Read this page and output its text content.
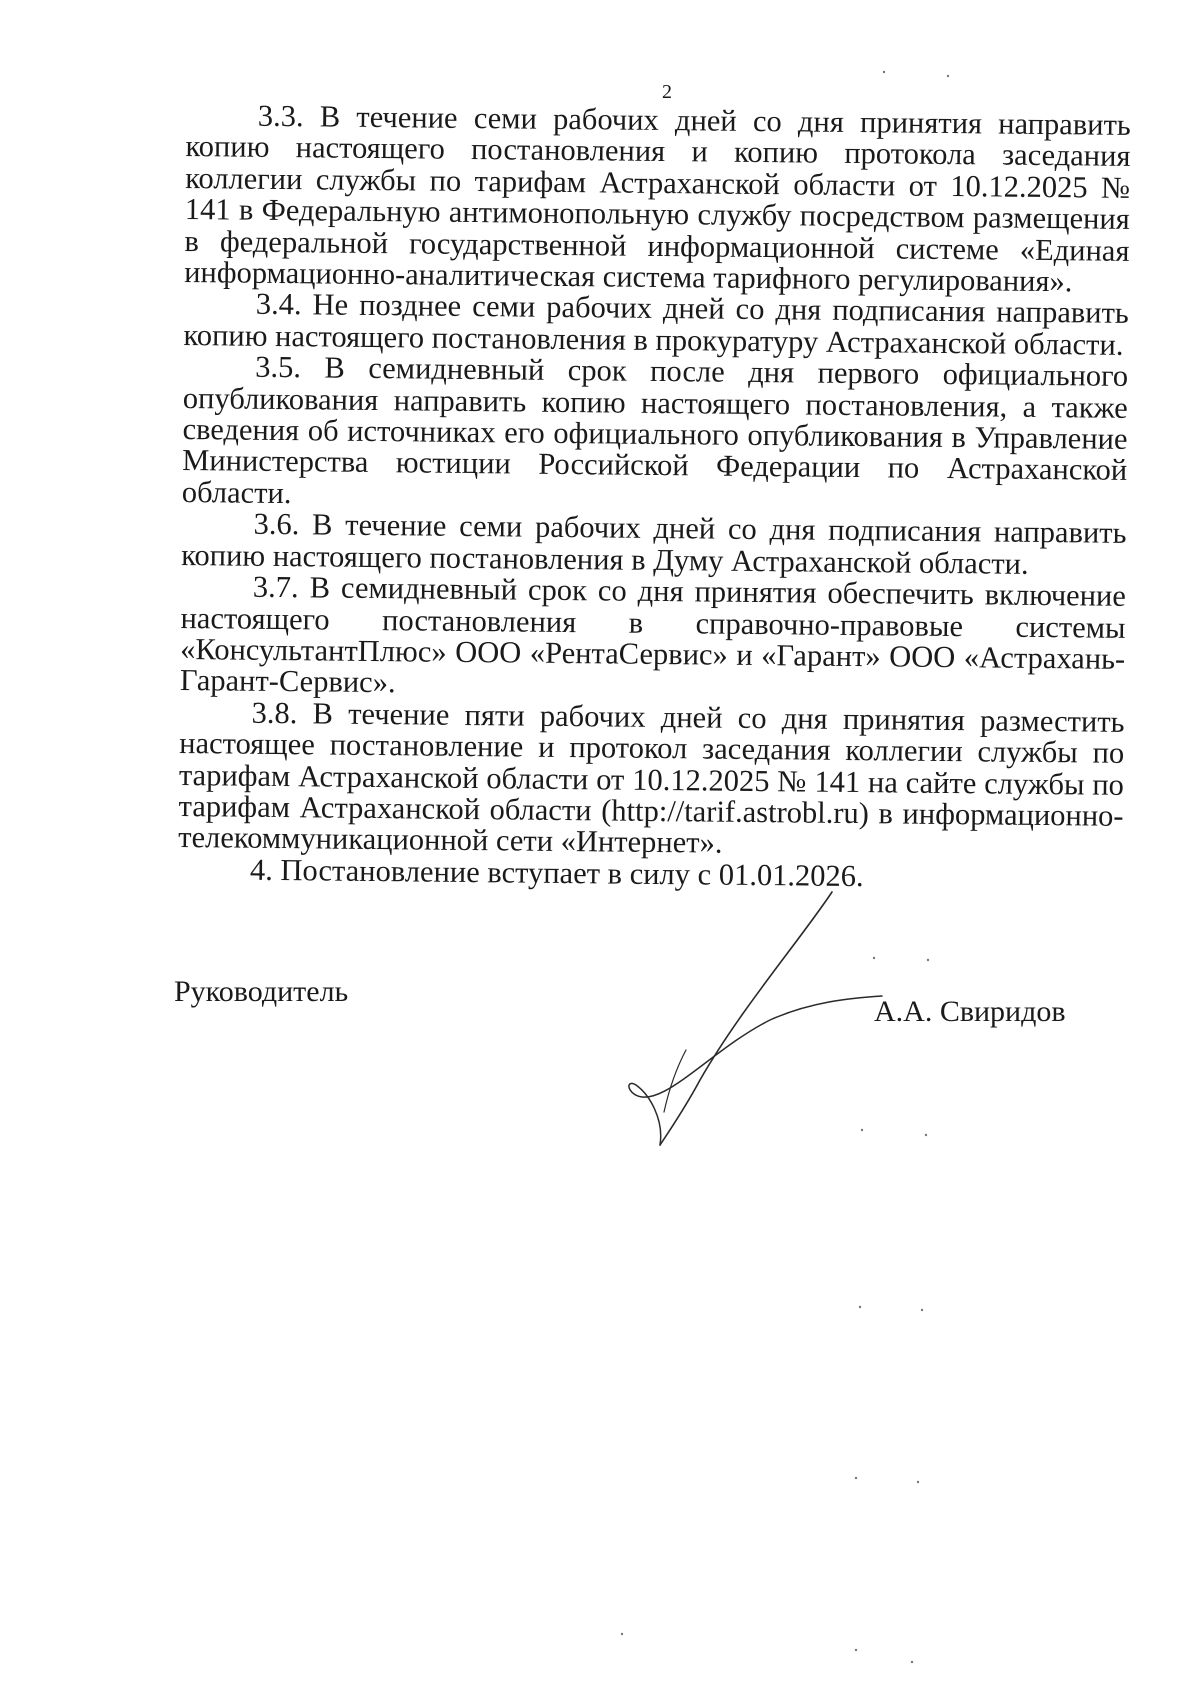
2

3.3. В течение семи рабочих дней со дня принятия направить копию настоящего постановления и копию протокола заседания коллегии службы по тарифам Астраханской области от 10.12.2025 № 141 в Федеральную антимонопольную службу посредством размещения в федеральной государственной информационной системе «Единая информационно-аналитическая система тарифного регулирования».

3.4. Не позднее семи рабочих дней со дня подписания направить копию настоящего постановления в прокуратуру Астраханской области.

3.5. В семидневный срок после дня первого официального опубликования направить копию настоящего постановления, а также сведения об источниках его официального опубликования в Управление Министерства юстиции Российской Федерации по Астраханской области.

3.6. В течение семи рабочих дней со дня подписания направить копию настоящего постановления в Думу Астраханской области.

3.7. В семидневный срок со дня принятия обеспечить включение настоящего постановления в справочно-правовые системы «КонсультантПлюс» ООО «РентаСервис» и «Гарант» ООО «Астрахань-Гарант-Сервис».

3.8. В течение пяти рабочих дней со дня принятия разместить настоящее постановление и протокол заседания коллегии службы по тарифам Астраханской области от 10.12.2025 № 141 на сайте службы по тарифам Астраханской области (http://tarif.astrobl.ru) в информационно-телекоммуникационной сети «Интернет».

4. Постановление вступает в силу с 01.01.2026.

Руководитель
А.А. Свиридов
